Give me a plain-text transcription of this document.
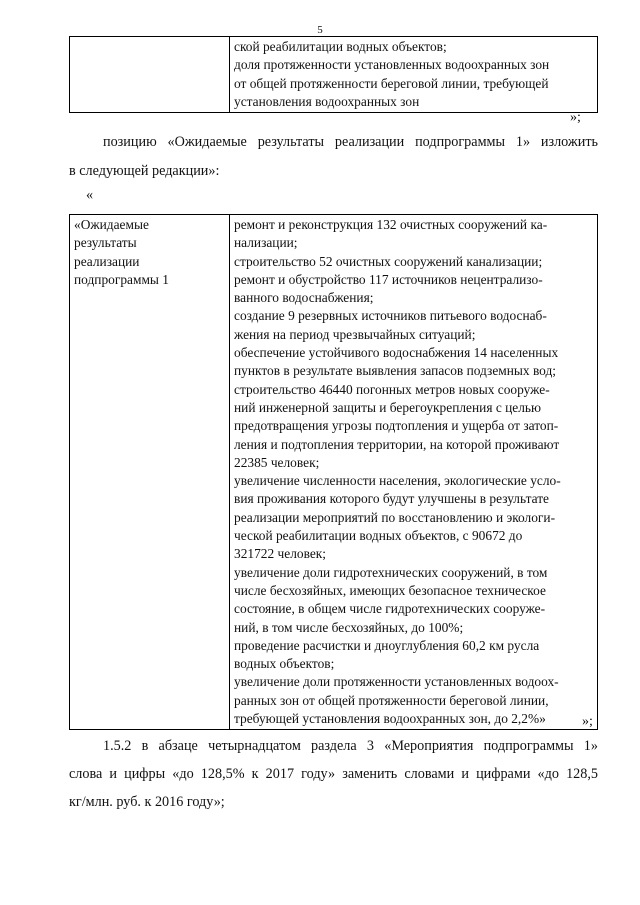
5

ской реабилитации водных объектов;
доля протяженности установленных водоохранных зон
от общей протяженности береговой линии, требующей
установления водоохранных зон
»;
позицию «Ожидаемые результаты реализации подпрограммы 1» изложить
в следующей редакции»:
«
«Ожидаемые
результаты
реализации
подпрограммы 1

ремонт и реконструкция 132 очистных сооружений ка-
нализации;
строительство 52 очистных сооружений канализации;
ремонт и обустройство 117 источников нецентрализо-
ванного водоснабжения;
создание 9 резервных источников питьевого водоснаб-
жения на период чрезвычайных ситуаций;
обеспечение устойчивого водоснабжения 14 населенных
пунктов в результате выявления запасов подземных вод;
строительство 46440 погонных метров новых сооруже-
ний инженерной защиты и берегоукрепления с целью
предотвращения угрозы подтопления и ущерба от затоп-
ления и подтопления территории, на которой проживают
22385 человек;
увеличение численности населения, экологические усло-
вия проживания которого будут улучшены в результате
реализации мероприятий по восстановлению и экологи-
ческой реабилитации водных объектов, с 90672 до
321722 человек;
увеличение доли гидротехнических сооружений, в том
числе бесхозяйных, имеющих безопасное техническое
состояние, в общем числе гидротехнических сооруже-
ний, в том числе бесхозяйных, до 100%;
проведение расчистки и дноуглубления 60,2 км русла
водных объектов;
увеличение доли протяженности установленных водоох-
ранных зон от общей протяженности береговой линии,
требующей установления водоохранных зон, до 2,2%»	»;
1.5.2 в абзаце четырнадцатом раздела 3 «Мероприятия подпрограммы 1»
слова и цифры «до 128,5% к 2017 году» заменить словами и цифрами «до 128,5
кг/млн. руб. к 2016 году»;
